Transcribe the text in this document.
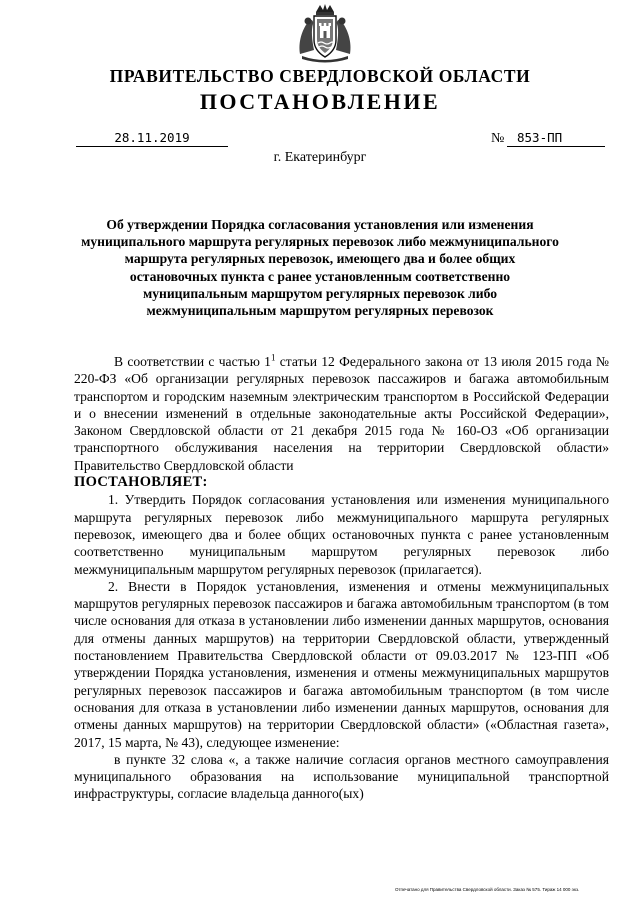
ПРАВИТЕЛЬСТВО СВЕРДЛОВСКОЙ ОБЛАСТИ
ПОСТАНОВЛЕНИЕ
28.11.2019	№	853-ПП
г. Екатеринбург
Об утверждении Порядка согласования установления или изменения
муниципального маршрута регулярных перевозок либо межмуниципального
маршрута регулярных перевозок, имеющего два и более общих
остановочных пункта с ранее установленным соответственно
муниципальным маршрутом регулярных перевозок либо
межмуниципальным маршрутом регулярных перевозок

В соответствии с частью $1^1$ статьи 12 Федерального закона от 13 июля 2015 года № 220-ФЗ «Об организации регулярных перевозок пассажиров и багажа автомобильным транспортом и городским наземным электрическим транспортом в Российской Федерации и о внесении изменений в отдельные законодательные акты Российской Федерации», Законом Свердловской области от 21 декабря 2015 года № 160-ОЗ «Об организации транспортного обслуживания населения на территории Свердловской области» Правительство Свердловской области

ПОСТАНОВЛЯЕТ:

1. Утвердить Порядок согласования установления или изменения муниципального маршрута регулярных перевозок либо межмуниципального маршрута регулярных перевозок, имеющего два и более общих остановочных пункта с ранее установленным соответственно муниципальным маршрутом регулярных перевозок либо межмуниципальным маршрутом регулярных перевозок (прилагается).

2. Внести в Порядок установления, изменения и отмены межмуниципальных маршрутов регулярных перевозок пассажиров и багажа автомобильным транспортом (в том числе основания для отказа в установлении либо изменении данных маршрутов, основания для отмены данных маршрутов) на территории Свердловской области, утвержденный постановлением Правительства Свердловской области от 09.03.2017 № 123-ПП «Об утверждении Порядка установления, изменения и отмены межмуниципальных маршрутов регулярных перевозок пассажиров и багажа автомобильным транспортом (в том числе основания для отказа в установлении либо изменении данных маршрутов, основания для отмены данных маршрутов) на территории Свердловской области» («Областная газета», 2017, 15 марта, № 43), следующее изменение:

в пункте 32 слова «, а также наличие согласия органов местного самоуправления муниципального образования на использование муниципальной транспортной инфраструктуры, согласие владельца данного(ых)

Отпечатано для Правительства Свердловской области. Заказ № 575. Тираж 14 000 экз.
